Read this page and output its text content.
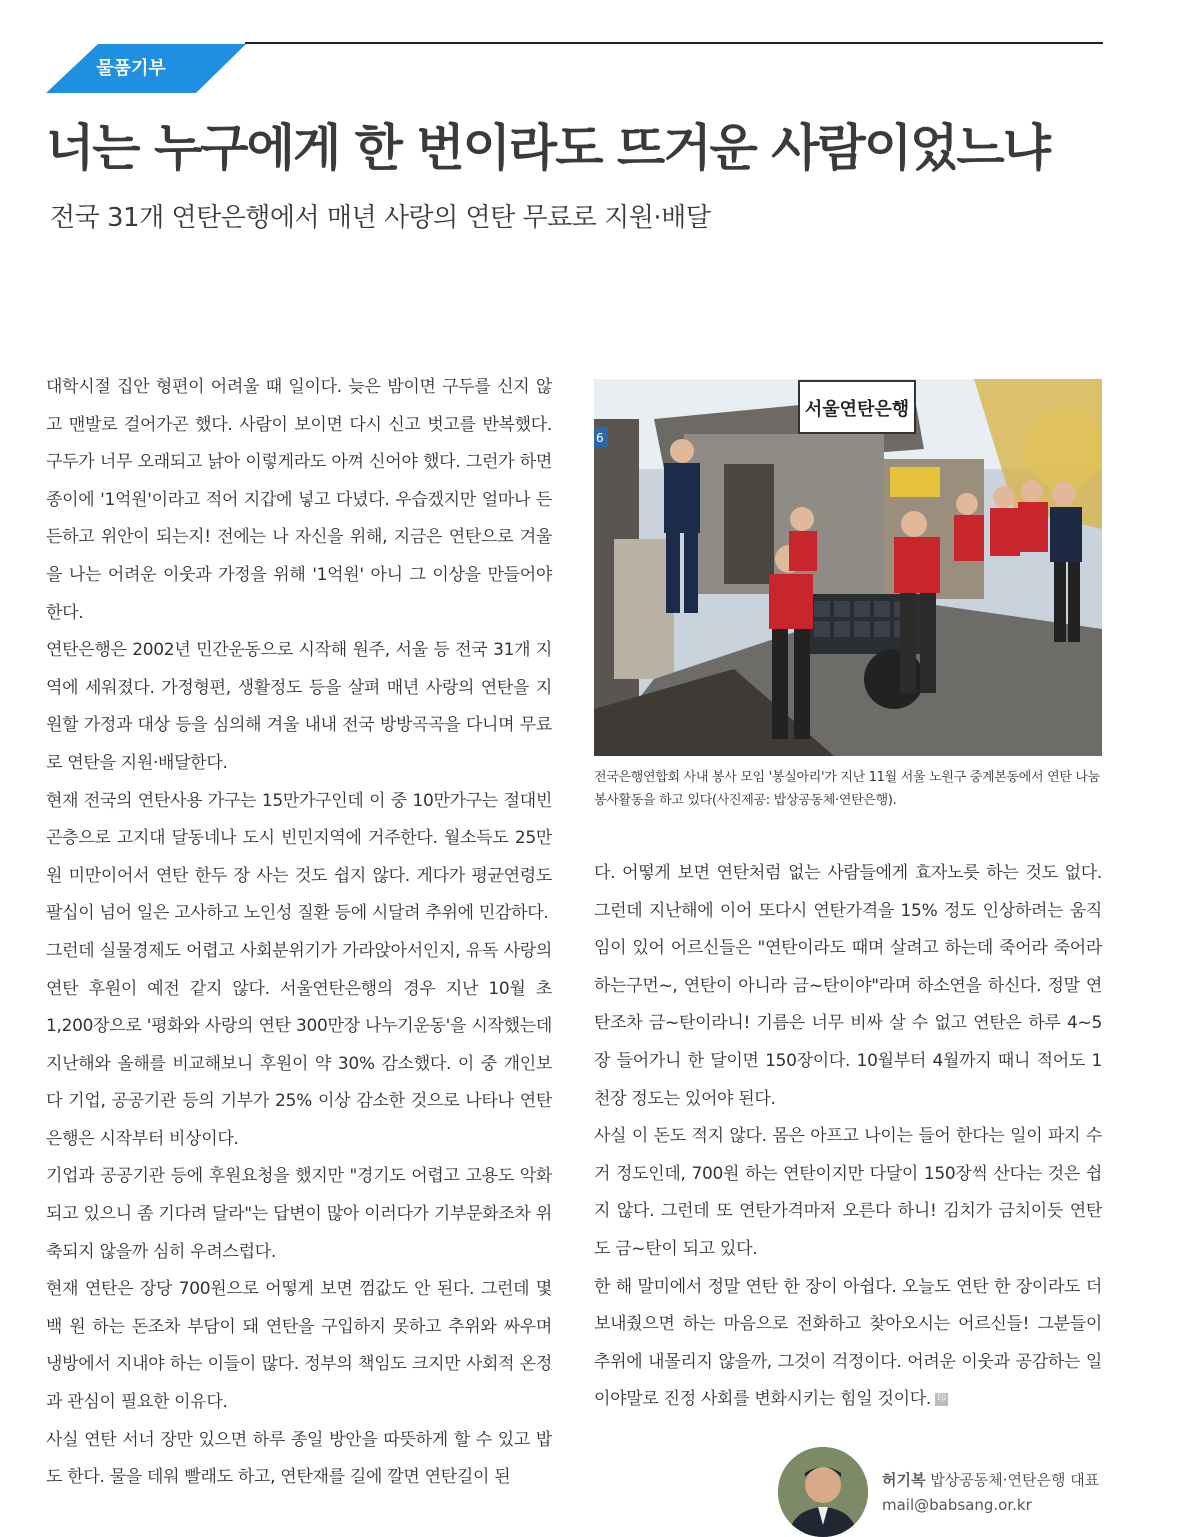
물품기부
너는 누구에게 한 번이라도 뜨거운 사람이었느냐
전국 31개 연탄은행에서 매년 사랑의 연탄 무료로 지원·배달

대학시절 집안 형편이 어려울 때 일이다. 늦은 밤이면 구두를 신지 않고 맨발로 걸어가곤 했다. 사람이 보이면 다시 신고 벗고를 반복했다. 구두가 너무 오래되고 낡아 이렇게라도 아껴 신어야 했다. 그런가 하면 종이에 '1억원'이라고 적어 지갑에 넣고 다녔다. 우습겠지만 얼마나 든든하고 위안이 되는지! 전에는 나 자신을 위해, 지금은 연탄으로 겨울을 나는 어려운 이웃과 가정을 위해 '1억원' 아니 그 이상을 만들어야 한다.

연탄은행은 2002년 민간운동으로 시작해 원주, 서울 등 전국 31개 지역에 세워졌다. 가정형편, 생활정도 등을 살펴 매년 사랑의 연탄을 지원할 가정과 대상 등을 심의해 겨울 내내 전국 방방곡곡을 다니며 무료로 연탄을 지원·배달한다.

현재 전국의 연탄사용 가구는 15만가구인데 이 중 10만가구는 절대빈곤층으로 고지대 달동네나 도시 빈민지역에 거주한다. 월소득도 25만원 미만이어서 연탄 한두 장 사는 것도 쉽지 않다. 게다가 평균연령도 팔십이 넘어 일은 고사하고 노인성 질환 등에 시달려 추위에 민감하다.

그런데 실물경제도 어렵고 사회분위기가 가라앉아서인지, 유독 사랑의 연탄 후원이 예전 같지 않다. 서울연탄은행의 경우 지난 10월 초 1,200장으로 '평화와 사랑의 연탄 300만장 나누기운동'을 시작했는데 지난해와 올해를 비교해보니 후원이 약 30% 감소했다. 이 중 개인보다 기업, 공공기관 등의 기부가 25% 이상 감소한 것으로 나타나 연탄은행은 시작부터 비상이다.

기업과 공공기관 등에 후원요청을 했지만 "경기도 어렵고 고용도 악화되고 있으니 좀 기다려 달라"는 답변이 많아 이러다가 기부문화조차 위축되지 않을까 심히 우려스럽다.

현재 연탄은 장당 700원으로 어떻게 보면 껌값도 안 된다. 그런데 몇백 원 하는 돈조차 부담이 돼 연탄을 구입하지 못하고 추위와 싸우며 냉방에서 지내야 하는 이들이 많다. 정부의 책임도 크지만 사회적 온정과 관심이 필요한 이유다.

사실 연탄 서너 장만 있으면 하루 종일 방안을 따뜻하게 할 수 있고 밥도 한다. 물을 데워 빨래도 하고, 연탄재를 길에 깔면 연탄길이 된

서울연탄은행
6
전국은행연합회 사내 봉사 모임 '봉실아리'가 지난 11월 서울 노원구 중계본동에서 연탄 나눔 봉사활동을 하고 있다(사진제공: 밥상공동체·연탄은행).

다. 어떻게 보면 연탄처럼 없는 사람들에게 효자노릇 하는 것도 없다. 그런데 지난해에 이어 또다시 연탄가격을 15% 정도 인상하려는 움직임이 있어 어르신들은 "연탄이라도 때며 살려고 하는데 죽어라 죽어라 하는구먼~, 연탄이 아니라 금~탄이야"라며 하소연을 하신다. 정말 연탄조차 금~탄이라니! 기름은 너무 비싸 살 수 없고 연탄은 하루 4~5장 들어가니 한 달이면 150장이다. 10월부터 4월까지 때니 적어도 1천장 정도는 있어야 된다.

사실 이 돈도 적지 않다. 몸은 아프고 나이는 들어 한다는 일이 파지 수거 정도인데, 700원 하는 연탄이지만 다달이 150장씩 산다는 것은 쉽지 않다. 그런데 또 연탄가격마저 오른다 하니! 김치가 금치이듯 연탄도 금~탄이 되고 있다.

한 해 말미에서 정말 연탄 한 장이 아쉽다. 오늘도 연탄 한 장이라도 더 보내줬으면 하는 마음으로 전화하고 찾아오시는 어르신들! 그분들이 추위에 내몰리지 않을까, 그것이 걱정이다. 어려운 이웃과 공감하는 일이야말로 진정 사회를 변화시키는 힘일 것이다. 印

허기복 밥상공동체·연탄은행 대표
mail@babsang.or.kr
